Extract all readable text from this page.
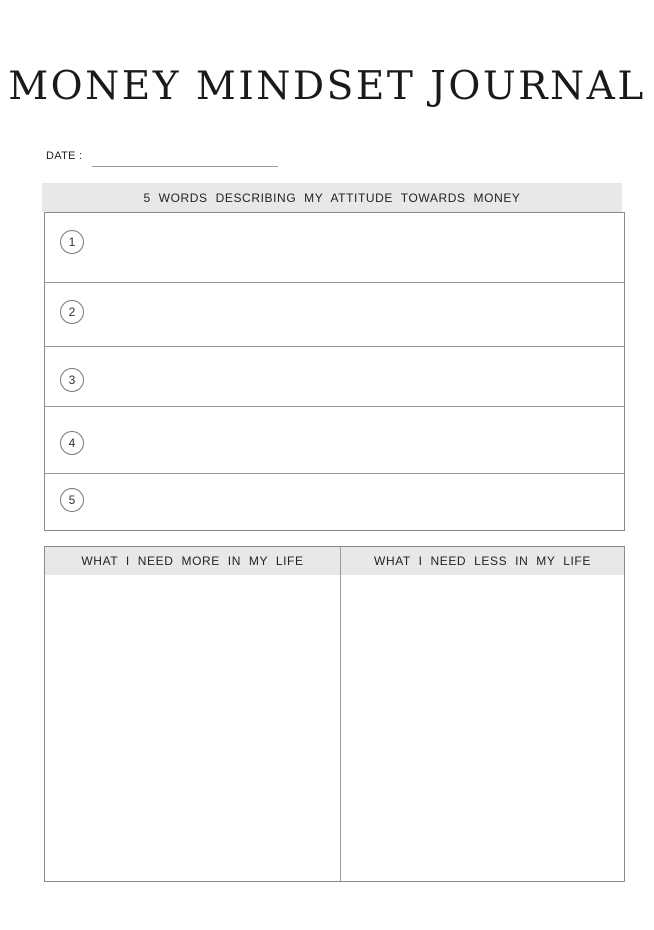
MONEY MINDSET JOURNAL
DATE :
5 WORDS DESCRIBING MY ATTITUDE TOWARDS MONEY
1
2
3
4
5
WHAT I NEED MORE IN MY LIFE	WHAT I NEED LESS IN MY LIFE
